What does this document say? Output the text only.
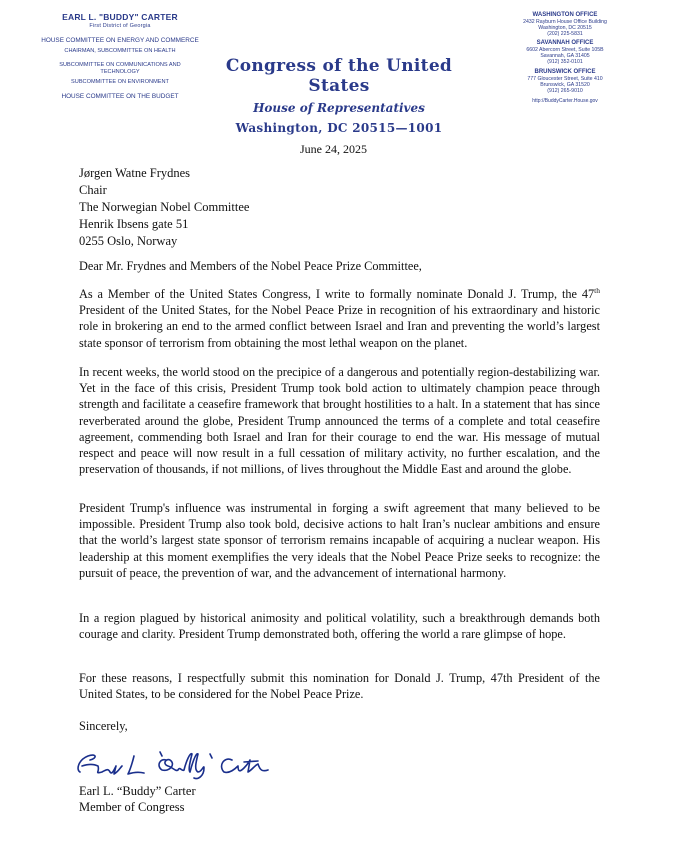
EARL L. "BUDDY" CARTER
First District of Georgia
HOUSE COMMITTEE ON ENERGY AND COMMERCE
CHAIRMAN, SUBCOMMITTEE ON HEALTH
SUBCOMMITTEE ON COMMUNICATIONS AND TECHNOLOGY
SUBCOMMITTEE ON ENVIRONMENT
HOUSE COMMITTEE ON THE BUDGET
Congress of the United States
House of Representatives
Washington, DC 20515—1001
WASHINGTON OFFICE
2432 Rayburn House Office Building
Washington, DC 20515
(202) 225-5831
SAVANNAH OFFICE
6602 Abercorn Street, Suite 105B
Savannah, GA 31405
(912) 352-0101
BRUNSWICK OFFICE
777 Gloucester Street, Suite 410
Brunswick, GA 31520
(912) 265-9010
http://BuddyCarter.House.gov
June 24, 2025
Jørgen Watne Frydnes
Chair
The Norwegian Nobel Committee
Henrik Ibsens gate 51
0255 Oslo, Norway
Dear Mr. Frydnes and Members of the Nobel Peace Prize Committee,
As a Member of the United States Congress, I write to formally nominate Donald J. Trump, the 47th President of the United States, for the Nobel Peace Prize in recognition of his extraordinary and historic role in brokering an end to the armed conflict between Israel and Iran and preventing the world’s largest state sponsor of terrorism from obtaining the most lethal weapon on the planet.
In recent weeks, the world stood on the precipice of a dangerous and potentially region-destabilizing war. Yet in the face of this crisis, President Trump took bold action to ultimately champion peace through strength and facilitate a ceasefire framework that brought hostilities to a halt. In a statement that has since reverberated around the globe, President Trump announced the terms of a complete and total ceasefire agreement, commending both Israel and Iran for their courage to end the war. His message of mutual respect and peace will now result in a full cessation of military activity, no further escalation, and the preservation of thousands, if not millions, of lives throughout the Middle East and around the globe.
President Trump's influence was instrumental in forging a swift agreement that many believed to be impossible. President Trump also took bold, decisive actions to halt Iran’s nuclear ambitions and ensure that the world’s largest state sponsor of terrorism remains incapable of acquiring a nuclear weapon. His leadership at this moment exemplifies the very ideals that the Nobel Peace Prize seeks to recognize: the pursuit of peace, the prevention of war, and the advancement of international harmony.
In a region plagued by historical animosity and political volatility, such a breakthrough demands both courage and clarity. President Trump demonstrated both, offering the world a rare glimpse of hope.
For these reasons, I respectfully submit this nomination for Donald J. Trump, 47th President of the United States, to be considered for the Nobel Peace Prize.
Sincerely,
Earl L. “Buddy” Carter
Member of Congress
